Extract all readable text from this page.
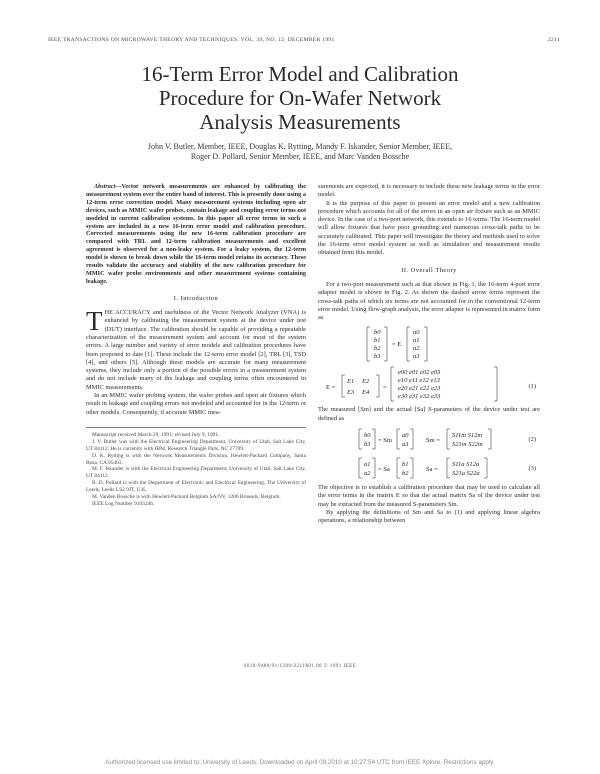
IEEE TRANSACTIONS ON MICROWAVE THEORY AND TECHNIQUES, VOL. 39, NO. 12, DECEMBER 1991	2211
16-Term Error Model and Calibration
Procedure for On-Wafer Network
Analysis Measurements
John V. Butler, Member, IEEE, Douglas K. Rytting, Mandy F. Iskander, Senior Member, IEEE,
Roger D. Pollard, Senior Member, IEEE, and Marc Vanden Bossche

Abstract—Vector network measurements are enhanced by calibrating the measurement system over the entire band of interest. This is presently done using a 12-term error correction model. Many measurement systems including open air devices, such as MMIC wafer probes, contain leakage and coupling error terms not modeled in current calibration systems. In this paper all error terms in such a system are included in a new 16-term error model and calibration procedure. Corrected measurements using the new 16-term calibration procedure are compared with TRL and 12-term calibration measurements and excellent agreement is observed for a non-leaky system. For a leaky system, the 12-term model is shown to break down while the 16-term model retains its accuracy. These results validate the accuracy and stability of the new calibration procedure for MMIC wafer probe environments and other measurement systems containing leakage.

I. Introduction

THE ACCURACY and usefulness of the Vector Network Analyzer (VNA) is enhanced by calibrating the measurement system at the device under test (DUT) interface. The calibration should be capable of providing a repeatable characterization of the measurement system and account for most of the system errors. A large number and variety of error models and calibration procedures have been proposed to date [1]. These include the 12-term error model [2], TRL [3], TSD [4], and others [5]. Although these models are accurate for many measurement systems, they include only a portion of the possible errors in a measurement system and do not include many of the leakage and coupling terms often encountered in MMIC measurements.

In an MMIC wafer probing system, the wafer probes and open air fixtures which result in leakage and coupling errors not modeled and accounted for in the 12-term or other models. Consequently, if accurate MMIC mea-

Manuscript received March 29, 1991; revised July 9, 1991.

J. V. Butler was with the Electrical Engineering Department, University of Utah, Salt Lake City, UT 84112. He is currently with IBM, Research Triangle Park, NC 27709.

D. K. Rytting is with the Network Measurements Division, Hewlett-Packard Company, Santa Rosa, CA 95403.

M. F. Iskander is with the Electrical Engineering Department, University of Utah, Salt Lake City, UT 84112.

R. D. Pollard is with the Department of Electronic and Electrical Engineering, The University of Leeds, Leeds LS2 9JT, U.K.

M. Vanden Bossche is with Hewlett-Packard Belgium SA/NV, 1200 Brussels, Belgium.

IEEE Log Number 9103246.

surements are expected, it is necessary to include these new leakage terms in the error model.

It is the purpose of this paper to present an error model and a new calibration procedure which accounts for all of the errors in an open air fixture such as an MMIC device. In the case of a two-port network, this extends to 16 terms. The 16-term model will allow fixtures that have poor grounding and numerous cross-talk paths to be accurately calibrated. This paper will investigate the theory and methods used to solve the 16-term error model system as well as simulation and measurement results obtained from this model.

II. Overall Theory

For a two-port measurement such as that shown in Fig. 1, the 16-term 4-port error adapter model is shown in Fig. 2. As shown the dashed arrow terms represent the cross-talk paths of which six terms are not accounted for in the conventional 12-term error model. Using flow-graph analysis, the error adapter is represented in matrix form as

b0
b1
b2
b3
= E
a0
a1
a2
a3
E =
E1 E2
E3 E4
=
e00 e01 e02 e03
e10 e11 e12 e13
e20 e21 e22 e23
e30 e31 e32 e33
(1)

The measured [Sm] and the actual [Sa] S-parameters of the device under test are defined as

b0
b3
= Sm
a0
a3
Sm =
S11m S12m
S21m S22m
(2)
a1
a2
= Sa
b1
b2
Sa =
S11a S12a
S21a S22a
(3)

The objective is to establish a calibration procedure that may be used to calculate all the error terms in the matrix E so that the actual matrix Sa of the device under test may be extracted from the measured S-parameters Sm.

By applying the definitions of Sm and Sa to (1) and applying linear algebra operations, a relationship between

0018-9480/91/1200-2211$01.00 © 1991 IEEE
Authorized licensed use limited to: University of Leeds. Downloaded on April 09,2010 at 10:27:54 UTC from IEEE Xplore. Restrictions apply.
